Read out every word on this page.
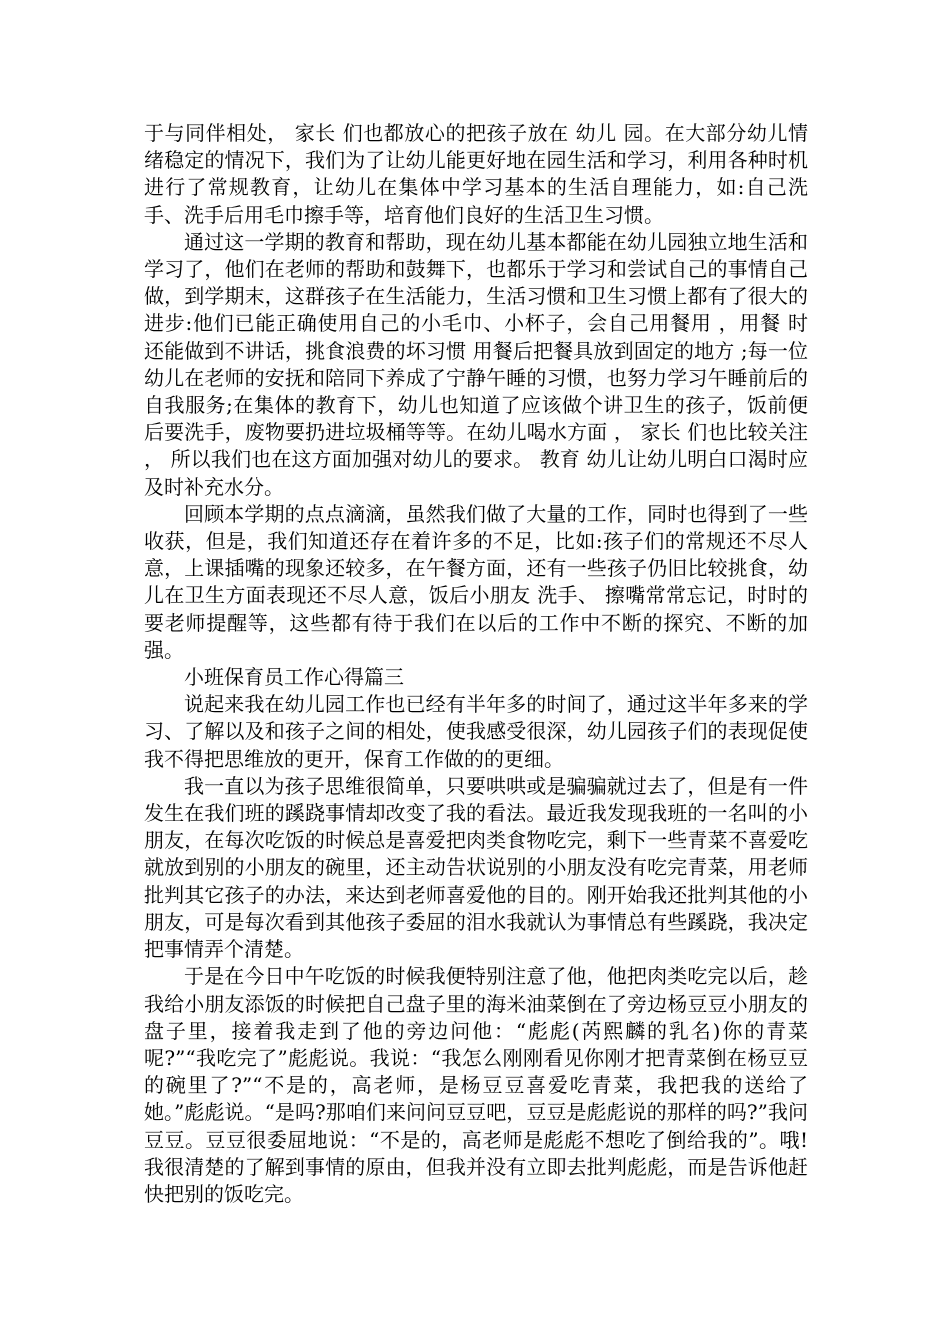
于与同伴相处， 家长 们也都放心的把孩子放在 幼儿 园。在大部分幼儿情绪稳定的情况下，我们为了让幼儿能更好地在园生活和学习，利用各种时机进行了常规教育，让幼儿在集体中学习基本的生活自理能力，如:自己洗手、洗手后用毛巾擦手等，培育他们良好的生活卫生习惯。

通过这一学期的教育和帮助，现在幼儿基本都能在幼儿园独立地生活和学习了，他们在老师的帮助和鼓舞下，也都乐于学习和尝试自己的事情自己做，到学期末，这群孩子在生活能力，生活习惯和卫生习惯上都有了很大的进步:他们已能正确使用自己的小毛巾、小杯子，会自己用餐用 ，用餐 时 还能做到不讲话，挑食浪费的坏习惯 用餐后把餐具放到固定的地方 ;每一位幼儿在老师的安抚和陪同下养成了宁静午睡的习惯，也努力学习午睡前后的自我服务;在集体的教育下，幼儿也知道了应该做个讲卫生的孩子，饭前便后要洗手，废物要扔进垃圾桶等等。在幼儿喝水方面 ， 家长 们也比较关注 ， 所以我们也在这方面加强对幼儿的要求。 教育 幼儿让幼儿明白口渴时应及时补充水分。

回顾本学期的点点滴滴，虽然我们做了大量的工作，同时也得到了一些收获，但是，我们知道还存在着许多的不足，比如:孩子们的常规还不尽人意，上课插嘴的现象还较多，在午餐方面，还有一些孩子仍旧比较挑食，幼儿在卫生方面表现还不尽人意，饭后小朋友 洗手、 擦嘴常常忘记，时时的要老师提醒等，这些都有待于我们在以后的工作中不断的探究、不断的加强。

小班保育员工作心得篇三

说起来我在幼儿园工作也已经有半年多的时间了，通过这半年多来的学习、了解以及和孩子之间的相处，使我感受很深，幼儿园孩子们的表现促使我不得把思维放的更开，保育工作做的的更细。

我一直以为孩子思维很简单，只要哄哄或是骗骗就过去了，但是有一件发生在我们班的蹊跷事情却改变了我的看法。最近我发现我班的一名叫的小朋友，在每次吃饭的时候总是喜爱把肉类食物吃完，剩下一些青菜不喜爱吃就放到别的小朋友的碗里，还主动告状说别的小朋友没有吃完青菜，用老师批判其它孩子的办法，来达到老师喜爱他的目的。刚开始我还批判其他的小朋友，可是每次看到其他孩子委屈的泪水我就认为事情总有些蹊跷，我决定把事情弄个清楚。

于是在今日中午吃饭的时候我便特别注意了他，他把肉类吃完以后，趁我给小朋友添饭的时候把自己盘子里的海米油菜倒在了旁边杨豆豆小朋友的盘子里，接着我走到了他的旁边问他：“彪彪(芮熙麟的乳名)你的青菜呢?”“我吃完了”彪彪说。我说：“我怎么刚刚看见你刚才把青菜倒在杨豆豆的碗里了?”“不是的，高老师，是杨豆豆喜爱吃青菜，我把我的送给了她。”彪彪说。“是吗?那咱们来问问豆豆吧，豆豆是彪彪说的那样的吗?”我问豆豆。豆豆很委屈地说：“不是的，高老师是彪彪不想吃了倒给我的”。哦!我很清楚的了解到事情的原由，但我并没有立即去批判彪彪，而是告诉他赶快把别的饭吃完。
